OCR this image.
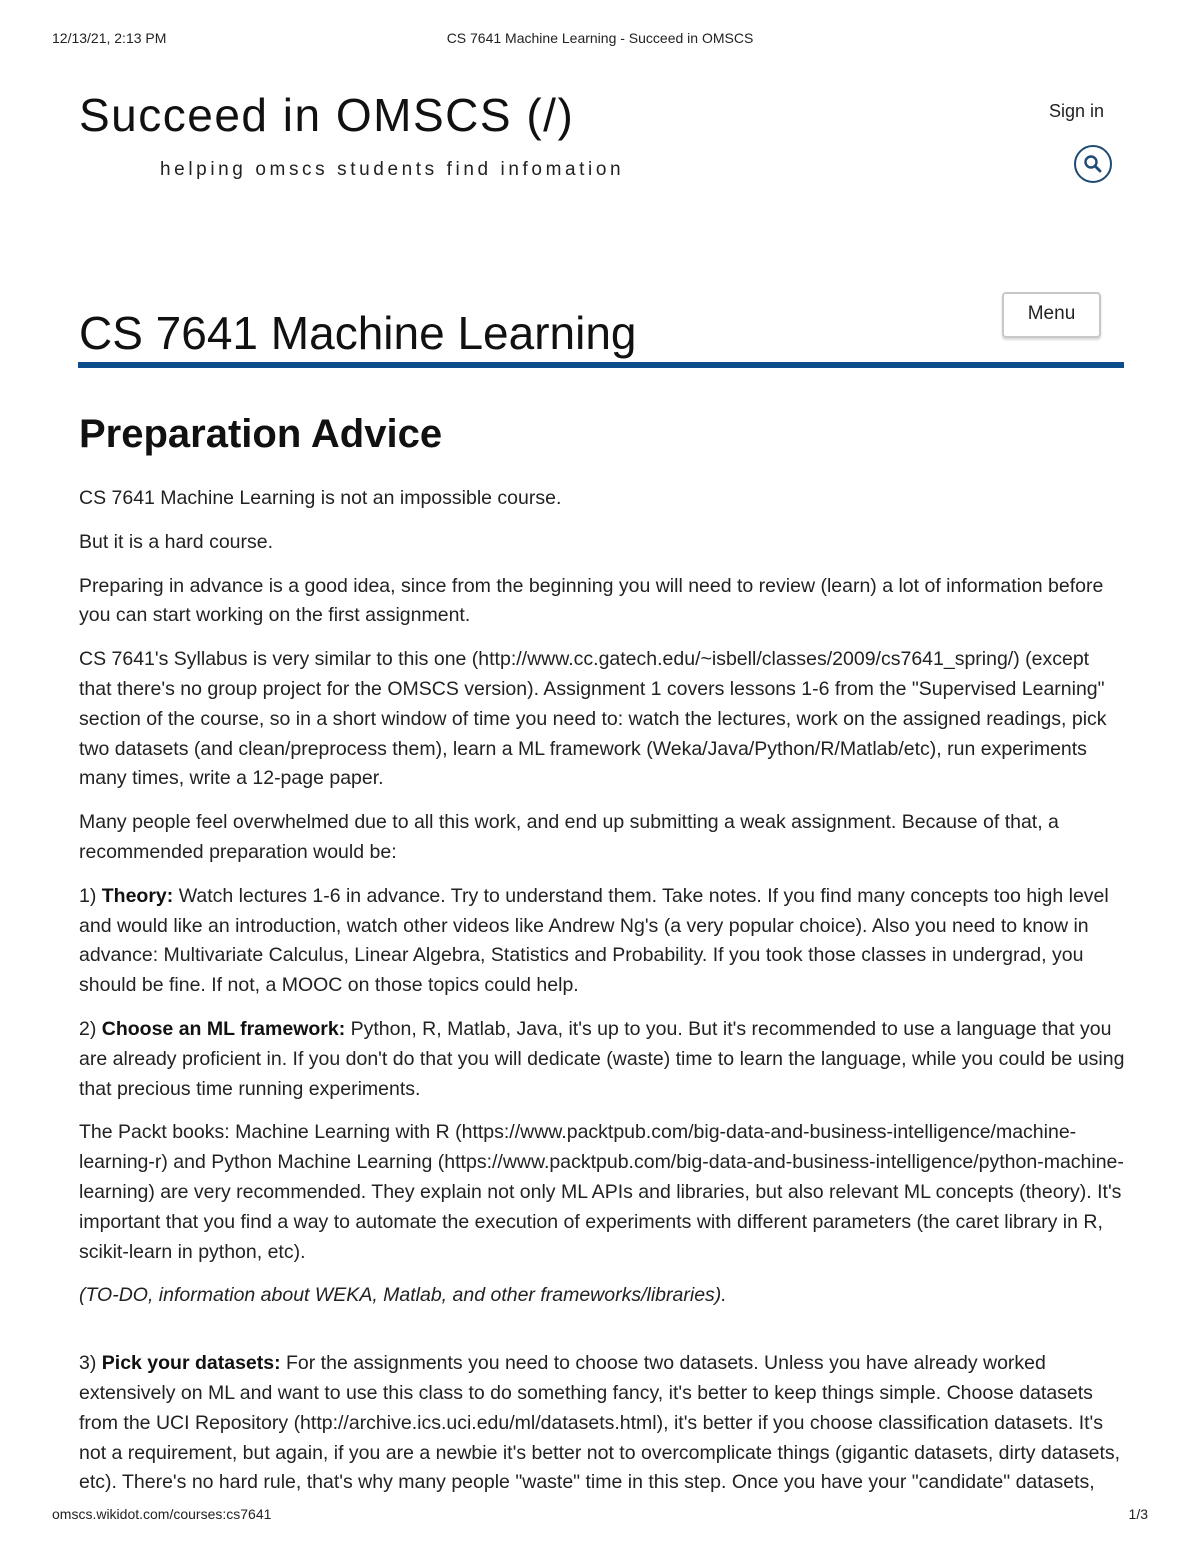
12/13/21, 2:13 PM	CS 7641 Machine Learning - Succeed in OMSCS
Succeed in OMSCS (/)
helping omscs students find infomation
Sign in
CS 7641 Machine Learning	Menu
Preparation Advice

CS 7641 Machine Learning is not an impossible course.

But it is a hard course.

Preparing in advance is a good idea, since from the beginning you will need to review (learn) a lot of information before you can start working on the first assignment.

CS 7641's Syllabus is very similar to this one (http://www.cc.gatech.edu/~isbell/classes/2009/cs7641_spring/) (except that there's no group project for the OMSCS version). Assignment 1 covers lessons 1-6 from the "Supervised Learning" section of the course, so in a short window of time you need to: watch the lectures, work on the assigned readings, pick two datasets (and clean/preprocess them), learn a ML framework (Weka/Java/Python/R/Matlab/etc), run experiments many times, write a 12-page paper.

Many people feel overwhelmed due to all this work, and end up submitting a weak assignment. Because of that, a recommended preparation would be:

1) Theory: Watch lectures 1-6 in advance. Try to understand them. Take notes. If you find many concepts too high level and would like an introduction, watch other videos like Andrew Ng's (a very popular choice). Also you need to know in advance: Multivariate Calculus, Linear Algebra, Statistics and Probability. If you took those classes in undergrad, you should be fine. If not, a MOOC on those topics could help.

2) Choose an ML framework: Python, R, Matlab, Java, it's up to you. But it's recommended to use a language that you are already proficient in. If you don't do that you will dedicate (waste) time to learn the language, while you could be using that precious time running experiments.

The Packt books: Machine Learning with R (https://www.packtpub.com/big-data-and-business-intelligence/machine-learning-r) and Python Machine Learning (https://www.packtpub.com/big-data-and-business-intelligence/python-machine-learning) are very recommended. They explain not only ML APIs and libraries, but also relevant ML concepts (theory). It's important that you find a way to automate the execution of experiments with different parameters (the caret library in R, scikit-learn in python, etc).

(TO-DO, information about WEKA, Matlab, and other frameworks/libraries).

3) Pick your datasets: For the assignments you need to choose two datasets. Unless you have already worked extensively on ML and want to use this class to do something fancy, it's better to keep things simple. Choose datasets from the UCI Repository (http://archive.ics.uci.edu/ml/datasets.html), it's better if you choose classification datasets. It's not a requirement, but again, if you are a newbie it's better not to overcomplicate things (gigantic datasets, dirty datasets, etc). There's no hard rule, that's why many people "waste" time in this step. Once you have your "candidate" datasets,

omscs.wikidot.com/courses:cs7641	1/3
